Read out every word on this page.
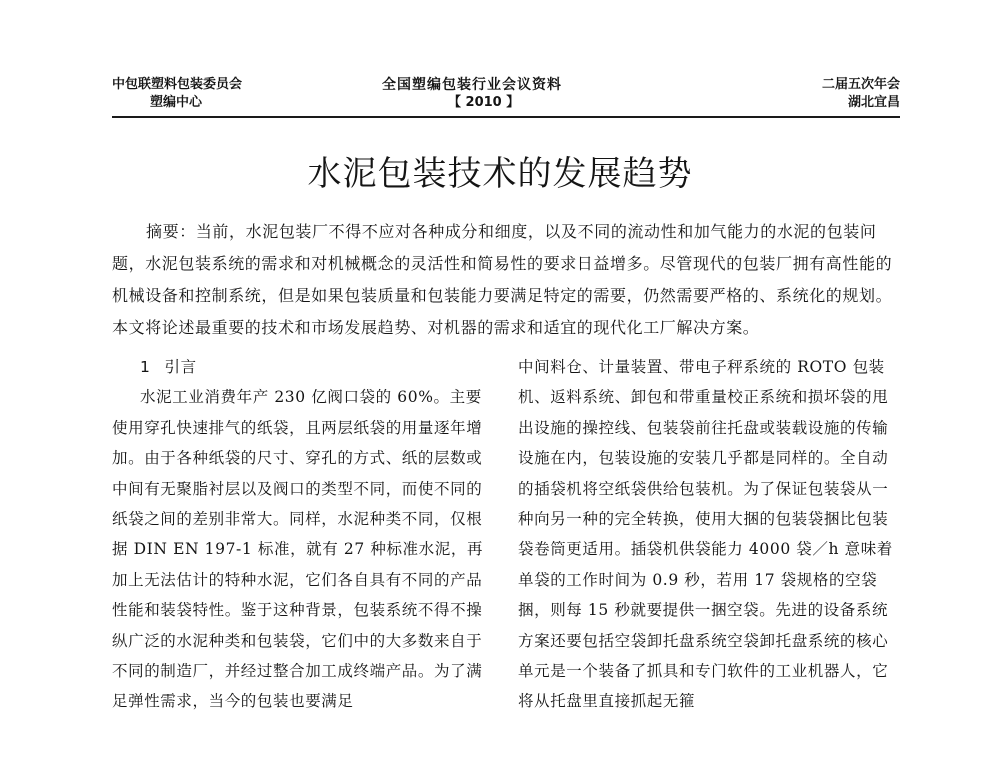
中包联塑料包装委员会
塑编中心
全国塑编包装行业会议资料
【 2010 】
二届五次年会
湖北宜昌
水泥包装技术的发展趋势
摘要：当前，水泥包装厂不得不应对各种成分和细度，以及不同的流动性和加气能力的水泥的包装问题，水泥包装系统的需求和对机械概念的灵活性和简易性的要求日益增多。尽管现代的包装厂拥有高性能的机械设备和控制系统，但是如果包装质量和包装能力要满足特定的需要，仍然需要严格的、系统化的规划。本文将论述最重要的技术和市场发展趋势、对机器的需求和适宜的现代化工厂解决方案。
1 引言

水泥工业消费年产 230 亿阀口袋的 60%。主要使用穿孔快速排气的纸袋，且两层纸袋的用量逐年增加。由于各种纸袋的尺寸、穿孔的方式、纸的层数或中间有无聚脂衬层以及阀口的类型不同，而使不同的纸袋之间的差别非常大。同样，水泥种类不同，仅根据 DIN EN 197-1 标准，就有 27 种标准水泥，再加上无法估计的特种水泥，它们各自具有不同的产品性能和装袋特性。鉴于这种背景，包装系统不得不操纵广泛的水泥种类和包装袋，它们中的大多数来自于不同的制造厂，并经过整合加工成终端产品。为了满足弹性需求，当今的包装也要满足

中间料仓、计量装置、带电子秤系统的 ROTO 包装机、返料系统、卸包和带重量校正系统和损坏袋的甩出设施的操控线、包装袋前往托盘或装载设施的传输设施在内，包装设施的安装几乎都是同样的。全自动的插袋机将空纸袋供给包装机。为了保证包装袋从一种向另一种的完全转换，使用大捆的包装袋捆比包装袋卷筒更适用。插袋机供袋能力 4000 袋／h 意味着单袋的工作时间为 0.9 秒，若用 17 袋规格的空袋捆，则每 15 秒就要提供一捆空袋。先进的设备系统方案还要包括空袋卸托盘系统空袋卸托盘系统的核心单元是一个装备了抓具和专门软件的工业机器人，它将从托盘里直接抓起无箍
